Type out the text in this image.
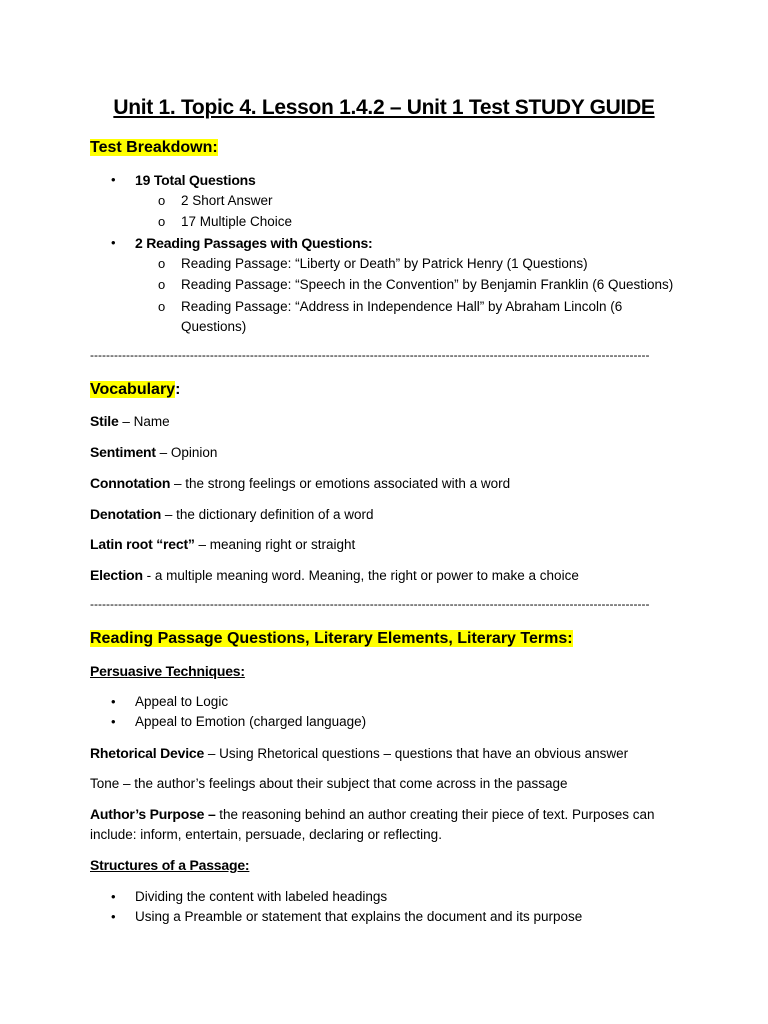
Unit 1. Topic 4. Lesson 1.4.2 – Unit 1 Test STUDY GUIDE
Test Breakdown:
• 19 Total Questions
o 2 Short Answer
o 17 Multiple Choice
• 2 Reading Passages with Questions:
o Reading Passage: “Liberty or Death” by Patrick Henry (1 Questions)
o Reading Passage: “Speech in the Convention” by Benjamin Franklin (6 Questions)
o Reading Passage: “Address in Independence Hall” by Abraham Lincoln (6
Questions)
--------------------------------------------------------------------------------------------------------------------------------------------
Vocabulary:
Stile – Name
Sentiment – Opinion
Connotation – the strong feelings or emotions associated with a word
Denotation – the dictionary definition of a word
Latin root “rect” – meaning right or straight
Election - a multiple meaning word. Meaning, the right or power to make a choice
--------------------------------------------------------------------------------------------------------------------------------------------
Reading Passage Questions, Literary Elements, Literary Terms:
Persuasive Techniques:
• Appeal to Logic
• Appeal to Emotion (charged language)
Rhetorical Device – Using Rhetorical questions – questions that have an obvious answer
Tone – the author’s feelings about their subject that come across in the passage
Author’s Purpose – the reasoning behind an author creating their piece of text. Purposes can
include: inform, entertain, persuade, declaring or reflecting.
Structures of a Passage:
• Dividing the content with labeled headings
• Using a Preamble or statement that explains the document and its purpose
